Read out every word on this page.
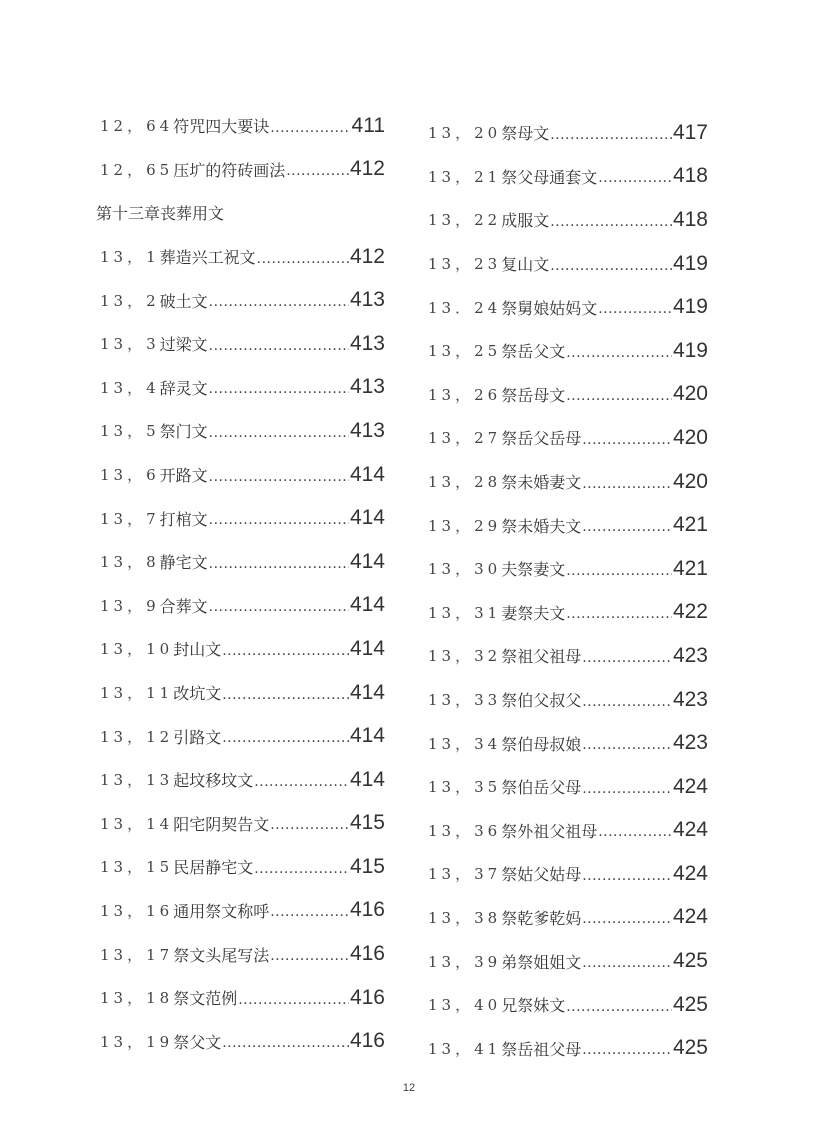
12，64 符咒四大要诀 .....	411
12，65 压圹的符砖画法 .....	412
第十三章丧葬用文
13，1 葬造兴工祝文 .....	412
13，2 破土文 .....	413
13，3 过梁文 .....	413
13，4 辞灵文 .....	413
13，5 祭门文 .....	413
13，6 开路文 .....	414
13，7 打棺文 .....	414
13，8 静宅文 .....	414
13，9 合葬文 .....	414
13，10 封山文 .....	414
13，11 改坑文 .....	414
13，12 引路文 .....	414
13，13 起坟移坟文 .....	414
13，14 阳宅阴契告文 .....	415
13，15 民居静宅文 .....	415
13，16 通用祭文称呼 .....	416
13，17 祭文头尾写法 .....	416
13，18 祭文范例 .....	416
13，19 祭父文 .....	416
13，20 祭母文 .....	417
13，21 祭父母通套文 .....	418
13，22 成服文 .....	418
13，23 复山文 .....	419
13．24 祭舅娘姑妈文 .....	419
13，25 祭岳父文 .....	419
13，26 祭岳母文 .....	420
13，27 祭岳父岳母 .....	420
13，28 祭未婚妻文 .....	420
13，29 祭未婚夫文 .....	421
13，30 夫祭妻文 .....	421
13，31 妻祭夫文 .....	422
13，32 祭祖父祖母 .....	423
13，33 祭伯父叔父 .....	423
13，34 祭伯母叔娘 .....	423
13，35 祭伯岳父母 .....	424
13，36 祭外祖父祖母 .....	424
13，37 祭姑父姑母 .....	424
13，38 祭乾爹乾妈 .....	424
13，39 弟祭姐姐文 .....	425
13，40 兄祭妹文 .....	425
13，41 祭岳祖父母 .....	425
12
